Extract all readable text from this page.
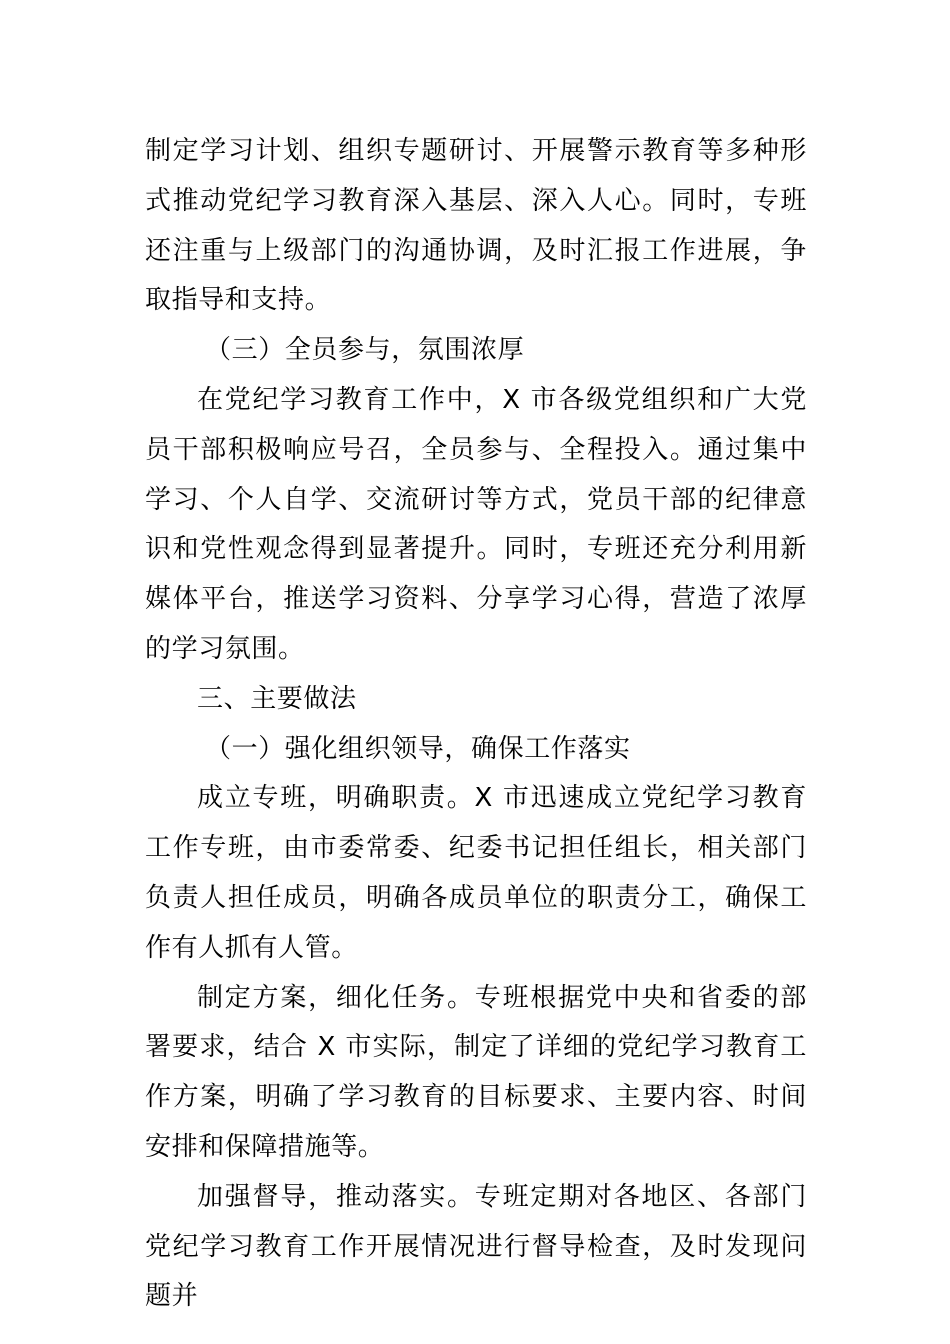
制定学习计划、组织专题研讨、开展警示教育等多种形式推动党纪学习教育深入基层、深入人心。同时，专班还注重与上级部门的沟通协调，及时汇报工作进展，争取指导和支持。

（三）全员参与，氛围浓厚

在党纪学习教育工作中，X 市各级党组织和广大党员干部积极响应号召，全员参与、全程投入。通过集中学习、个人自学、交流研讨等方式，党员干部的纪律意识和党性观念得到显著提升。同时，专班还充分利用新媒体平台，推送学习资料、分享学习心得，营造了浓厚的学习氛围。

三、主要做法

（一）强化组织领导，确保工作落实

成立专班，明确职责。X 市迅速成立党纪学习教育工作专班，由市委常委、纪委书记担任组长，相关部门负责人担任成员，明确各成员单位的职责分工，确保工作有人抓有人管。

制定方案，细化任务。专班根据党中央和省委的部署要求，结合 X 市实际，制定了详细的党纪学习教育工作方案，明确了学习教育的目标要求、主要内容、时间安排和保障措施等。

加强督导，推动落实。专班定期对各地区、各部门党纪学习教育工作开展情况进行督导检查，及时发现问题并
